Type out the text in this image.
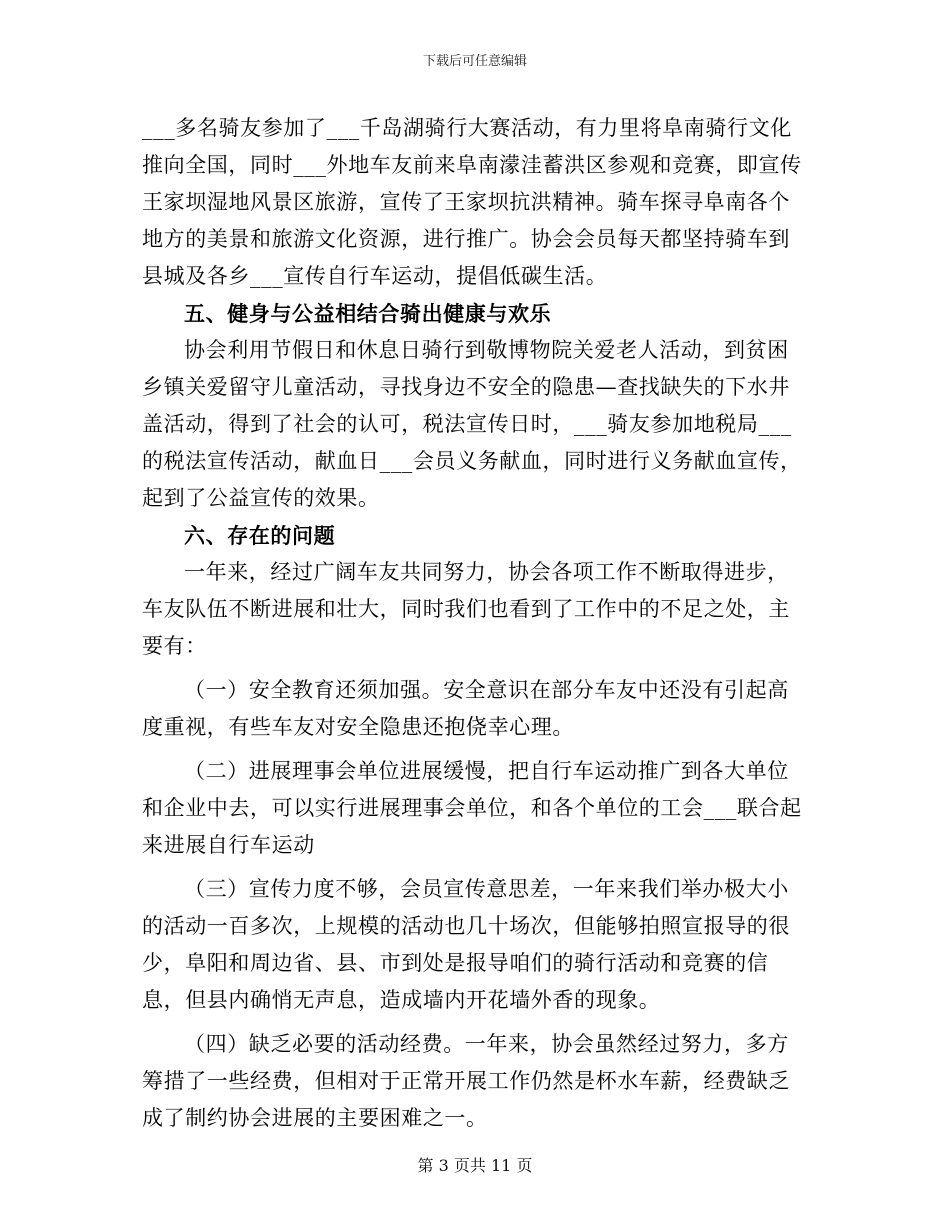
下载后可任意编辑

___多名骑友参加了___千岛湖骑行大赛活动，有力里将阜南骑行文化推向全国，同时___外地车友前来阜南濛洼蓄洪区参观和竞赛，即宣传王家坝湿地风景区旅游，宣传了王家坝抗洪精神。骑车探寻阜南各个地方的美景和旅游文化资源，进行推广。协会会员每天都坚持骑车到县城及各乡___宣传自行车运动，提倡低碳生活。

五、健身与公益相结合骑出健康与欢乐

协会利用节假日和休息日骑行到敬博物院关爱老人活动，到贫困乡镇关爱留守儿童活动，寻找身边不安全的隐患—查找缺失的下水井盖活动，得到了社会的认可，税法宣传日时，___骑友参加地税局___的税法宣传活动，献血日___会员义务献血，同时进行义务献血宣传，起到了公益宣传的效果。

六、存在的问题

一年来，经过广阔车友共同努力，协会各项工作不断取得进步，车友队伍不断进展和壮大，同时我们也看到了工作中的不足之处，主要有：

（一）安全教育还须加强。安全意识在部分车友中还没有引起高度重视，有些车友对安全隐患还抱侥幸心理。

（二）进展理事会单位进展缓慢，把自行车运动推广到各大单位和企业中去，可以实行进展理事会单位，和各个单位的工会___联合起来进展自行车运动

（三）宣传力度不够，会员宣传意思差，一年来我们举办极大小的活动一百多次，上规模的活动也几十场次，但能够拍照宣报导的很少，阜阳和周边省、县、市到处是报导咱们的骑行活动和竞赛的信息，但县内确悄无声息，造成墙内开花墙外香的现象。

（四）缺乏必要的活动经费。一年来，协会虽然经过努力，多方筹措了一些经费，但相对于正常开展工作仍然是杯水车薪，经费缺乏成了制约协会进展的主要困难之一。

第 3 页共 11 页
